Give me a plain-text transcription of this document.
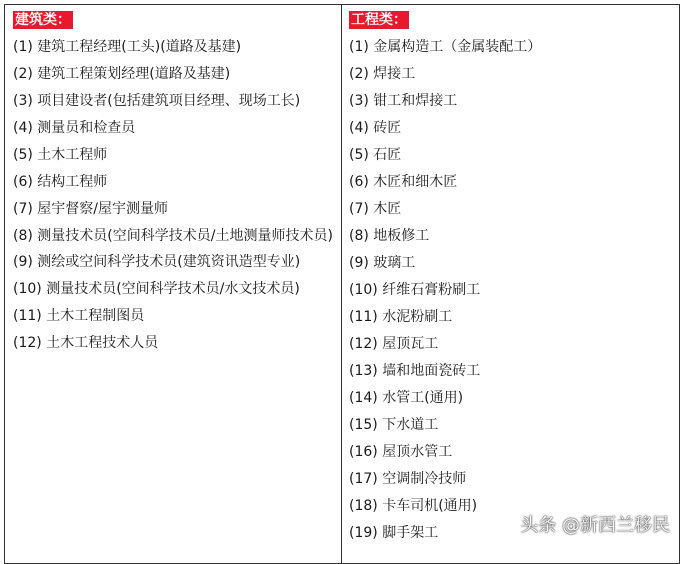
建筑类：
(1) 建筑工程经理(工头)(道路及基建)
(2) 建筑工程策划经理(道路及基建)
(3) 项目建设者(包括建筑项目经理、现场工长)
(4) 测量员和检查员
(5) 土木工程师
(6) 结构工程师
(7) 屋宇督察/屋宇测量师
(8) 测量技术员(空间科学技术员/土地测量师技术员)
(9) 测绘或空间科学技术员(建筑资讯造型专业)
(10) 测量技术员(空间科学技术员/水文技术员)
(11) 土木工程制图员
(12) 土木工程技术人员
工程类：
(1) 金属构造工（金属装配工）
(2) 焊接工
(3) 钳工和焊接工
(4) 砖匠
(5) 石匠
(6) 木匠和细木匠
(7) 木匠
(8) 地板修工
(9) 玻璃工
(10) 纤维石膏粉刷工
(11) 水泥粉刷工
(12) 屋顶瓦工
(13) 墙和地面瓷砖工
(14) 水管工(通用)
(15) 下水道工
(16) 屋顶水管工
(17) 空调制冷技师
(18) 卡车司机(通用)
(19) 脚手架工	头条 @新西兰移民
